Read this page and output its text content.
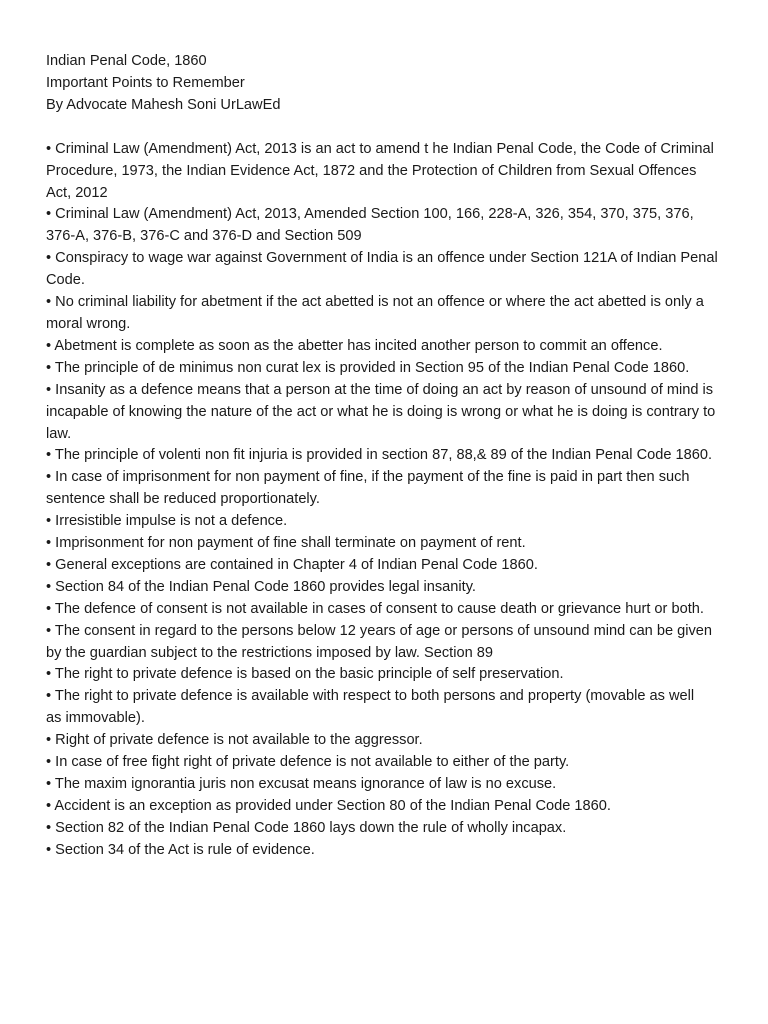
Indian Penal Code, 1860
Important Points to Remember
By Advocate Mahesh Soni UrLawEd

• Criminal Law (Amendment) Act, 2013 is an act to amend t he Indian Penal Code, the Code of Criminal Procedure, 1973, the Indian Evidence Act, 1872 and the Protection of Children from Sexual Offences Act, 2012

• Criminal Law (Amendment) Act, 2013, Amended Section 100, 166, 228-A, 326, 354, 370, 375, 376, 376-A, 376-B, 376-C and 376-D and Section 509

• Conspiracy to wage war against Government of India is an offence under Section 121A of Indian Penal Code.

• No criminal liability for abetment if the act abetted is not an offence or where the act abetted is only a moral wrong.

• Abetment is complete as soon as the abetter has incited another person to commit an offence.

• The principle of de minimus non curat lex is provided in Section 95 of the Indian Penal Code 1860.

• Insanity as a defence means that a person at the time of doing an act by reason of unsound of mind is incapable of knowing the nature of the act or what he is doing is wrong or what he is doing is contrary to law.

• The principle of volenti non fit injuria is provided in section 87, 88,& 89 of the Indian Penal Code 1860.

• In case of imprisonment for non payment of fine, if the payment of the fine is paid in part then such sentence shall be reduced proportionately.

• Irresistible impulse is not a defence.

• Imprisonment for non payment of fine shall terminate on payment of rent.

• General exceptions are contained in Chapter 4 of Indian Penal Code 1860.

• Section 84 of the Indian Penal Code 1860 provides legal insanity.

• The defence of consent is not available in cases of consent to cause death or grievance hurt or both.

• The consent in regard to the persons below 12 years of age or persons of unsound mind can be given by the guardian subject to the restrictions imposed by law. Section 89

• The right to private defence is based on the basic principle of self preservation.

• The right to private defence is available with respect to both persons and property (movable as well

as immovable).

• Right of private defence is not available to the aggressor.

• In case of free fight right of private defence is not available to either of the party.

• The maxim ignorantia juris non excusat means ignorance of law is no excuse.

• Accident is an exception as provided under Section 80 of the Indian Penal Code 1860.

• Section 82 of the Indian Penal Code 1860 lays down the rule of wholly incapax.

• Section 34 of the Act is rule of evidence.
